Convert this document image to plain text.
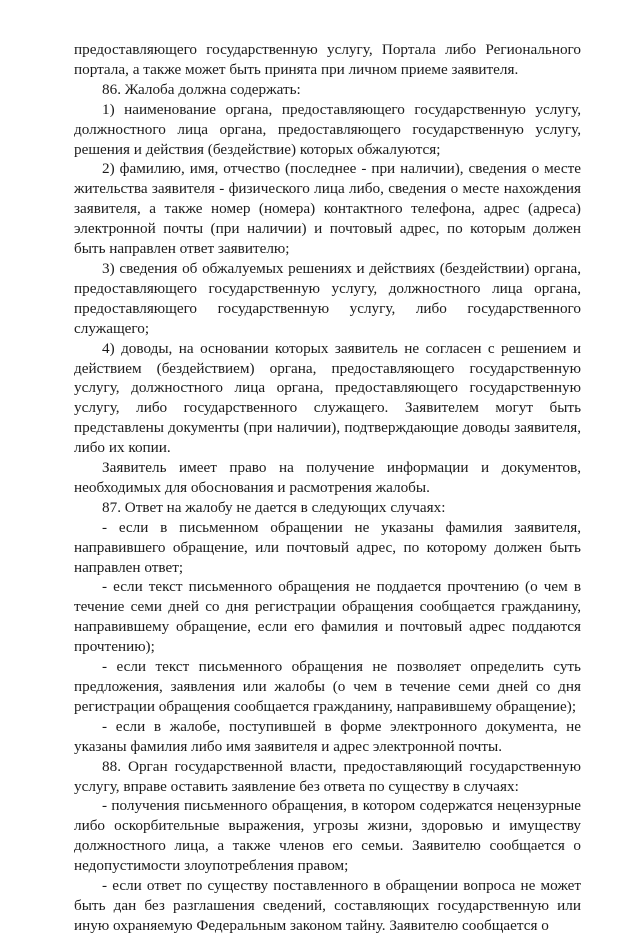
предоставляющего государственную услугу, Портала либо Регионального портала, а также может быть принята при личном приеме заявителя.

86. Жалоба должна содержать:

1) наименование органа, предоставляющего государственную услугу, должностного лица органа, предоставляющего государственную услугу, решения и действия (бездействие) которых обжалуются;

2) фамилию, имя, отчество (последнее - при наличии), сведения о месте жительства заявителя - физического лица либо, сведения о месте нахождения заявителя, а также номер (номера) контактного телефона, адрес (адреса) электронной почты (при наличии) и почтовый адрес, по которым должен быть направлен ответ заявителю;

3) сведения об обжалуемых решениях и действиях (бездействии) органа, предоставляющего государственную услугу, должностного лица органа, предоставляющего государственную услугу, либо государственного служащего;

4) доводы, на основании которых заявитель не согласен с решением и действием (бездействием) органа, предоставляющего государственную услугу, должностного лица органа, предоставляющего государственную услугу, либо государственного служащего. Заявителем могут быть представлены документы (при наличии), подтверждающие доводы заявителя, либо их копии.

Заявитель имеет право на получение информации и документов, необходимых для обоснования и расмотрения жалобы.

87. Ответ на жалобу не дается в следующих случаях:

- если в письменном обращении не указаны фамилия заявителя, направившего обращение, или почтовый адрес, по которому должен быть направлен ответ;

- если текст письменного обращения не поддается прочтению (о чем в течение семи дней со дня регистрации обращения сообщается гражданину, направившему обращение, если его фамилия и почтовый адрес поддаются прочтению);

- если текст письменного обращения не позволяет определить суть предложения, заявления или жалобы (о чем в течение семи дней со дня регистрации обращения сообщается гражданину, направившему обращение);

- если в жалобе, поступившей в форме электронного документа, не указаны фамилия либо имя заявителя и адрес электронной почты.

88. Орган государственной власти, предоставляющий государственную услугу, вправе оставить заявление без ответа по существу в случаях:

- получения письменного обращения, в котором содержатся нецензурные либо оскорбительные выражения, угрозы жизни, здоровью и имуществу должностного лица, а также членов его семьи. Заявителю сообщается о недопустимости злоупотребления правом;

- если ответ по существу поставленного в обращении вопроса не может быть дан без разглашения сведений, составляющих государственную или иную охраняемую Федеральным законом тайну. Заявителю сообщается о
